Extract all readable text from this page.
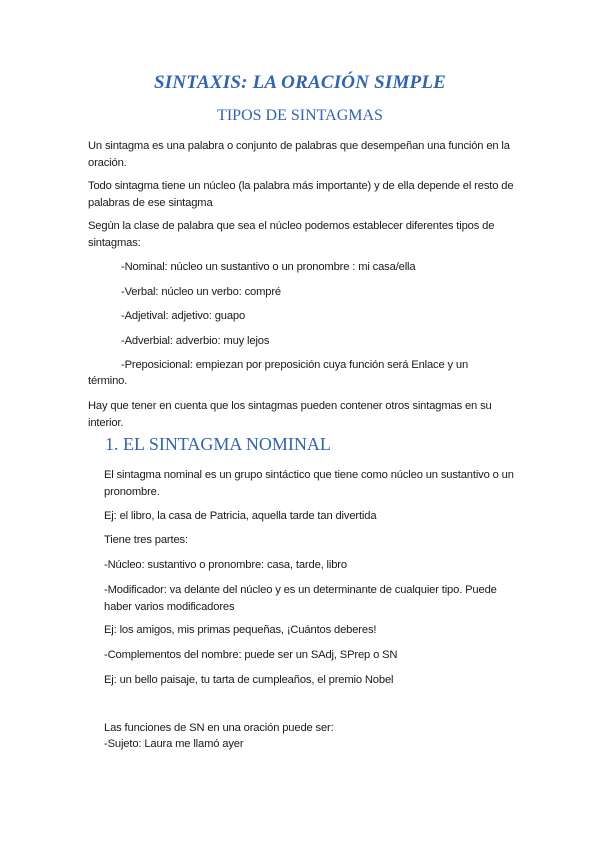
SINTAXIS: LA ORACIÓN SIMPLE
TIPOS DE SINTAGMAS
Un sintagma es una palabra o conjunto de palabras que desempeñan una función en la oración.
Todo sintagma tiene un núcleo (la palabra más importante) y de ella depende el resto de palabras de ese sintagma
Según la clase de palabra que sea el núcleo podemos establecer diferentes tipos de sintagmas:
-Nominal: núcleo un sustantivo o un pronombre : mi casa/ella
-Verbal: núcleo un verbo: compré
-Adjetival: adjetivo: guapo
-Adverbial: adverbio: muy lejos
-Preposicional: empiezan por preposición cuya función será Enlace y un
término.
Hay que tener en cuenta que los sintagmas pueden contener otros sintagmas en su interior.
1. EL SINTAGMA NOMINAL
El sintagma nominal es un grupo sintáctico que tiene como núcleo un sustantivo o un pronombre.
Ej: el libro, la casa de Patricia, aquella tarde tan divertida
Tiene tres partes:
-Núcleo: sustantivo o pronombre: casa, tarde, libro
-Modificador: va delante del núcleo y es un determinante de cualquier tipo. Puede haber varios modificadores
Ej: los amigos, mis primas pequeñas, ¡Cuántos deberes!
-Complementos del nombre: puede ser un SAdj, SPrep o SN
Ej: un bello paisaje, tu tarta de cumpleaños, el premio Nobel
Las funciones de SN en una oración puede ser:
-Sujeto: Laura me llamó ayer
